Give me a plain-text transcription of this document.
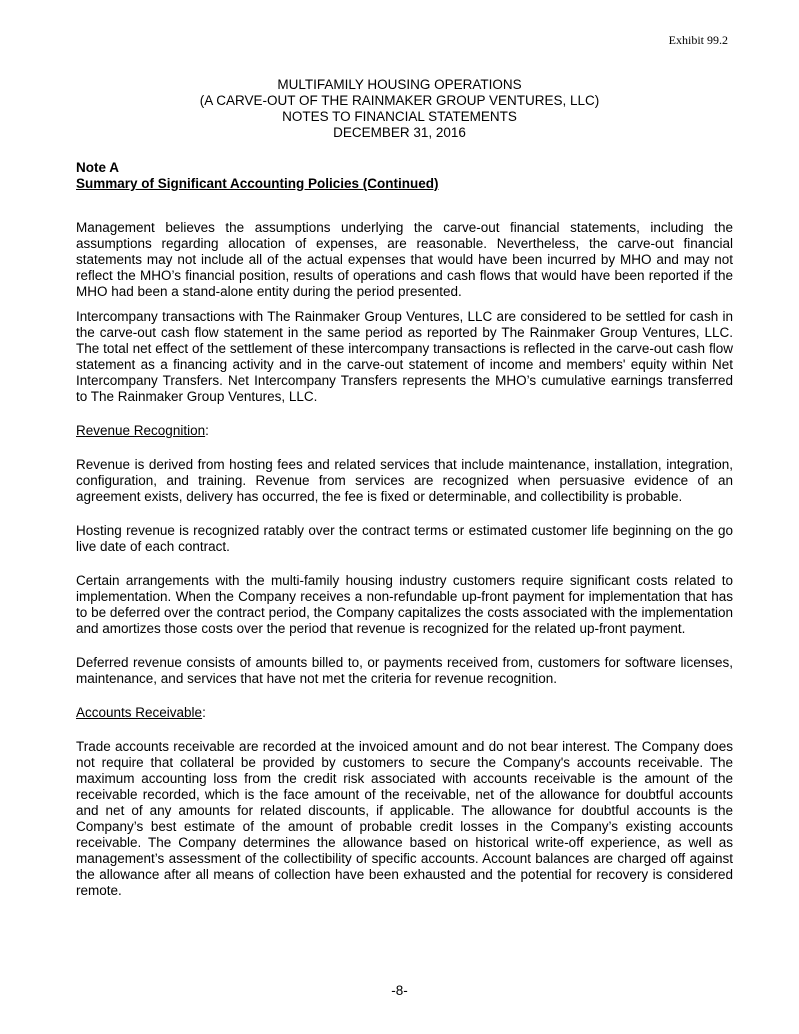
Exhibit 99.2
MULTIFAMILY HOUSING OPERATIONS
(A CARVE-OUT OF THE RAINMAKER GROUP VENTURES, LLC)
NOTES TO FINANCIAL STATEMENTS
DECEMBER 31, 2016
Note A
Summary of Significant Accounting Policies (Continued)

Management believes the assumptions underlying the carve-out financial statements, including the assumptions regarding allocation of expenses, are reasonable. Nevertheless, the carve-out financial statements may not include all of the actual expenses that would have been incurred by MHO and may not reflect the MHO’s financial position, results of operations and cash flows that would have been reported if the MHO had been a stand-alone entity during the period presented.

Intercompany transactions with The Rainmaker Group Ventures, LLC are considered to be settled for cash in the carve-out cash flow statement in the same period as reported by The Rainmaker Group Ventures, LLC. The total net effect of the settlement of these intercompany transactions is reflected in the carve-out cash flow statement as a financing activity and in the carve-out statement of income and members' equity within Net Intercompany Transfers. Net Intercompany Transfers represents the MHO’s cumulative earnings transferred to The Rainmaker Group Ventures, LLC.

Revenue Recognition:

Revenue is derived from hosting fees and related services that include maintenance, installation, integration, configuration, and training. Revenue from services are recognized when persuasive evidence of an agreement exists, delivery has occurred, the fee is fixed or determinable, and collectibility is probable.

Hosting revenue is recognized ratably over the contract terms or estimated customer life beginning on the go live date of each contract.

Certain arrangements with the multi-family housing industry customers require significant costs related to implementation. When the Company receives a non-refundable up-front payment for implementation that has to be deferred over the contract period, the Company capitalizes the costs associated with the implementation and amortizes those costs over the period that revenue is recognized for the related up-front payment.

Deferred revenue consists of amounts billed to, or payments received from, customers for software licenses, maintenance, and services that have not met the criteria for revenue recognition.

Accounts Receivable:

Trade accounts receivable are recorded at the invoiced amount and do not bear interest. The Company does not require that collateral be provided by customers to secure the Company's accounts receivable. The maximum accounting loss from the credit risk associated with accounts receivable is the amount of the receivable recorded, which is the face amount of the receivable, net of the allowance for doubtful accounts and net of any amounts for related discounts, if applicable. The allowance for doubtful accounts is the Company’s best estimate of the amount of probable credit losses in the Company’s existing accounts receivable. The Company determines the allowance based on historical write-off experience, as well as management’s assessment of the collectibility of specific accounts. Account balances are charged off against the allowance after all means of collection have been exhausted and the potential for recovery is considered remote.

-8-
